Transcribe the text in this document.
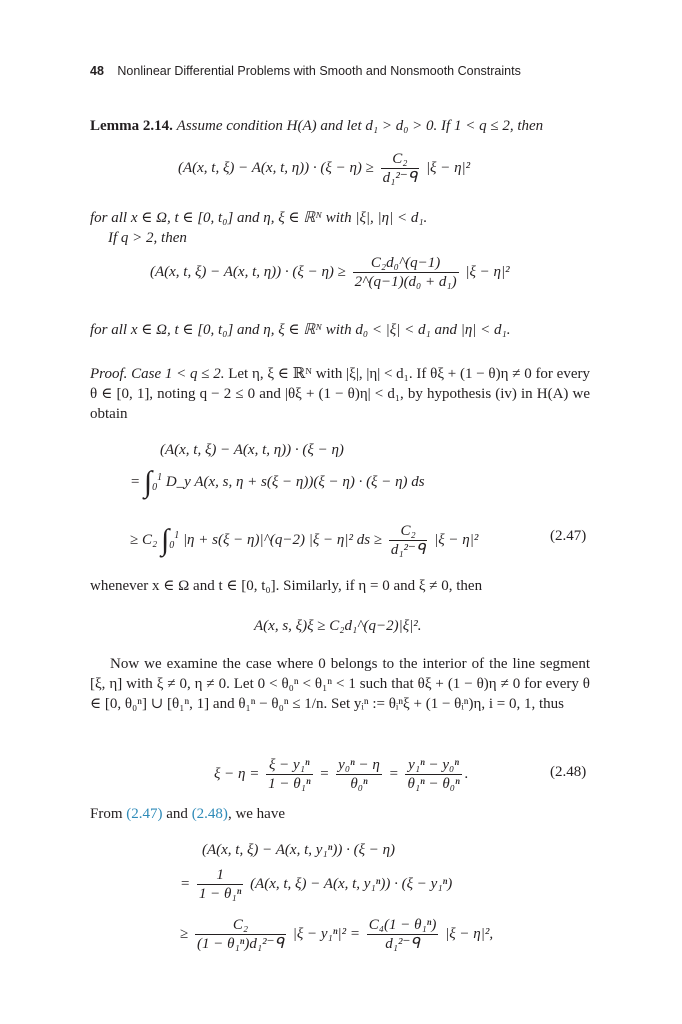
48 Nonlinear Differential Problems with Smooth and Nonsmooth Constraints
Lemma 2.14. Assume condition H(A) and let d₁ > d₀ > 0. If 1 < q ≤ 2, then
(A(x, t, ξ) − A(x, t, $\eta)) \cdot (\xi - \eta) \ge \frac{\text{C₂}}{\text{d₁²⁻ᑫ}} |\xi - \eta|^2$
for all x ∈ Ω, t ∈ [0, t₀] and η, ξ ∈ ℝᴺ with |ξ|, |η| < d₁.
If q > 2, then
(A(x, t, ξ) − A(x, t, $\eta)) \cdot (\xi - \eta) \ge \frac{\text{C₂d₀\textasciicircum{}(q−1)}}{\text{2\textasciicircum{}(q−1)(d₀ + d₁)}} |\xi - \eta|^2$
for all x ∈ Ω, t ∈ [0, t₀] and η, ξ ∈ ℝᴺ with d₀ < |ξ| < d₁ and |η| < d₁.
Proof. Case 1 < q ≤ 2. Let η, ξ ∈ ℝᴺ with |ξ|, |η| < d₁. If θξ + (1 − θ)η ≠ 0 for every θ ∈ [0, 1], noting q − 2 ≤ 0 and |θξ + (1 − θ)η| < d₁, by hypothesis (iv) in H(A) we obtain
(A(x, t, ξ) − A(x, t, η)) · (ξ − η)
= $\int_0^1$ D_y A(x, s, η + s(ξ − η))(ξ − η) · (ξ − η) ds
≥ C₂ $\int_0^1$ |η + s(ξ − η)|^(q−2) |ξ − η|² ds ≥ $\frac{\text{C₂}}{\text{d₁²⁻ᑫ}} |\xi - \eta|^2$	(2.47)
whenever x ∈ Ω and t ∈ [0, t₀]. Similarly, if η = 0 and ξ ≠ 0, then
A(x, s, ξ)ξ ≥ C₂d₁^(q−2)|ξ|².
Now we examine the case where 0 belongs to the interior of the line segment [ξ, η] with ξ ≠ 0, η ≠ 0. Let 0 < θ₀ⁿ < θ₁ⁿ < 1 such that θξ + (1 − θ)η ≠ 0 for every θ ∈ [0, θ₀ⁿ] ∪ [θ₁ⁿ, 1] and θ₁ⁿ − θ₀ⁿ ≤ 1/n. Set yᵢⁿ := θᵢⁿξ + (1 − θᵢⁿ)η, i = 0, 1, thus
$\xi - \eta = \frac{\text{ξ − y₁ⁿ}}{\text{1 − θ₁ⁿ}} = \frac{\text{y₀ⁿ − η}}{\text{θ₀ⁿ}} = \frac{\text{y₁ⁿ − y₀ⁿ}}{\text{θ₁ⁿ − θ₀ⁿ}}$ .	(2.48)
From (2.47) and (2.48), we have
(A(x, t, ξ) − A(x, t, y₁ⁿ)) · (ξ − η)
= $\frac{1}{\text{1 − θ₁ⁿ}} (A(x$, t, ξ) − A(x, t, y₁ⁿ)) · (ξ − y₁ⁿ)
≥ $\frac{\text{C₂}}{\text{(1 − θ₁ⁿ)d₁²⁻ᑫ}} |\xi - y_1^n|^2 = \frac{\text{C₄(1 − θ₁ⁿ)}}{\text{d₁²⁻ᑫ}} |\xi - \eta|^2$,
